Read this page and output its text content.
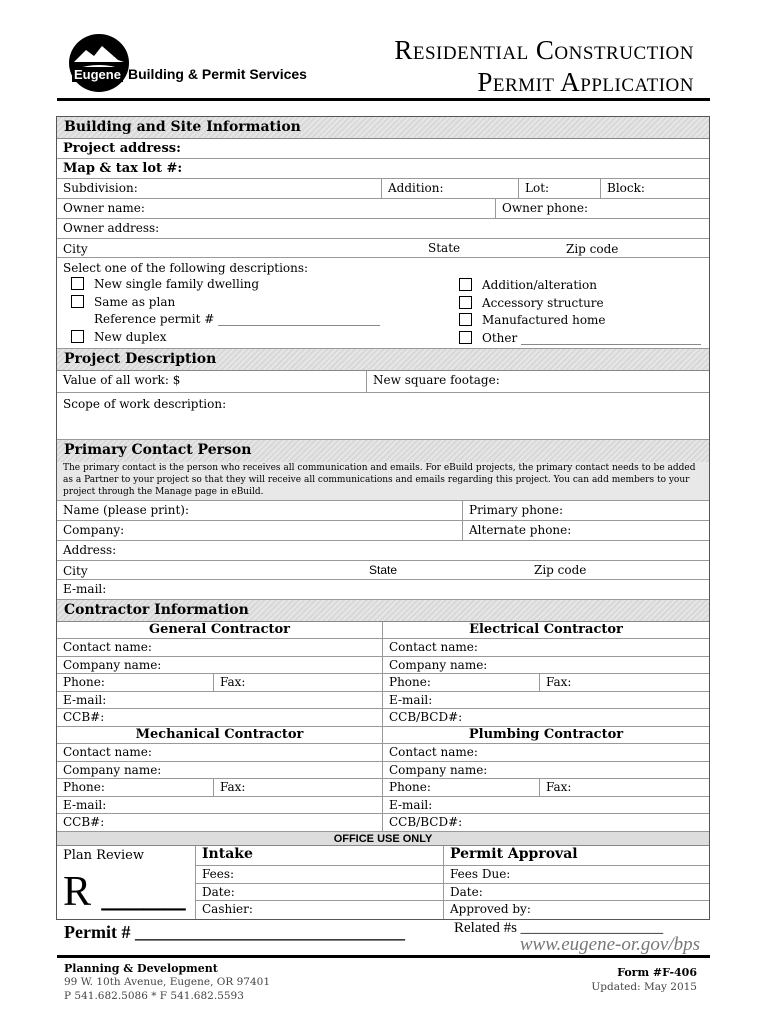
Eugene Building & Permit Services
Residential Construction
Permit Application
Building and Site Information
Project address:
Map & tax lot #:
Subdivision:	Addition:	Lot:	Block:
Owner name:	Owner phone:
Owner address:
City	State	Zip code
Select one of the following descriptions:
New single family dwelling
Same as plan
Reference permit # ___________________________
New duplex
Addition/alteration
Accessory structure
Manufactured home
Other ______________________________
Project Description
Value of all work: $	New square footage:
Scope of work description:
Primary Contact Person
The primary contact is the person who receives all communication and emails. For eBuild projects, the primary contact needs to be added as a Partner to your project so that they will receive all communications and emails regarding this project. You can add members to your project through the Manage page in eBuild.
Name (please print):	Primary phone:
Company:	Alternate phone:
Address:
City	State	Zip code
E-mail:
Contractor Information
General Contractor
Contact name:
Company name:
Phone:	Fax:
E-mail:
CCB#:
Electrical Contractor
Contact name:
Company name:
Phone:	Fax:
E-mail:
CCB/BCD#:
Mechanical Contractor
Contact name:
Company name:
Phone:	Fax:
E-mail:
CCB#:
Plumbing Contractor
Contact name:
Company name:
Phone:	Fax:
E-mail:
CCB/BCD#:
OFFICE USE ONLY
Plan Review
R ____
Intake
Fees:
Date:
Cashier:
Permit Approval
Fees Due:
Date:
Approved by:
Permit # ______________________________	Related #s ___________________
www.eugene-or.gov/bps
Planning & Development
99 W. 10th Avenue, Eugene, OR 97401
P 541.682.5086 * F 541.682.5593
Form #F-406
Updated: May 2015
